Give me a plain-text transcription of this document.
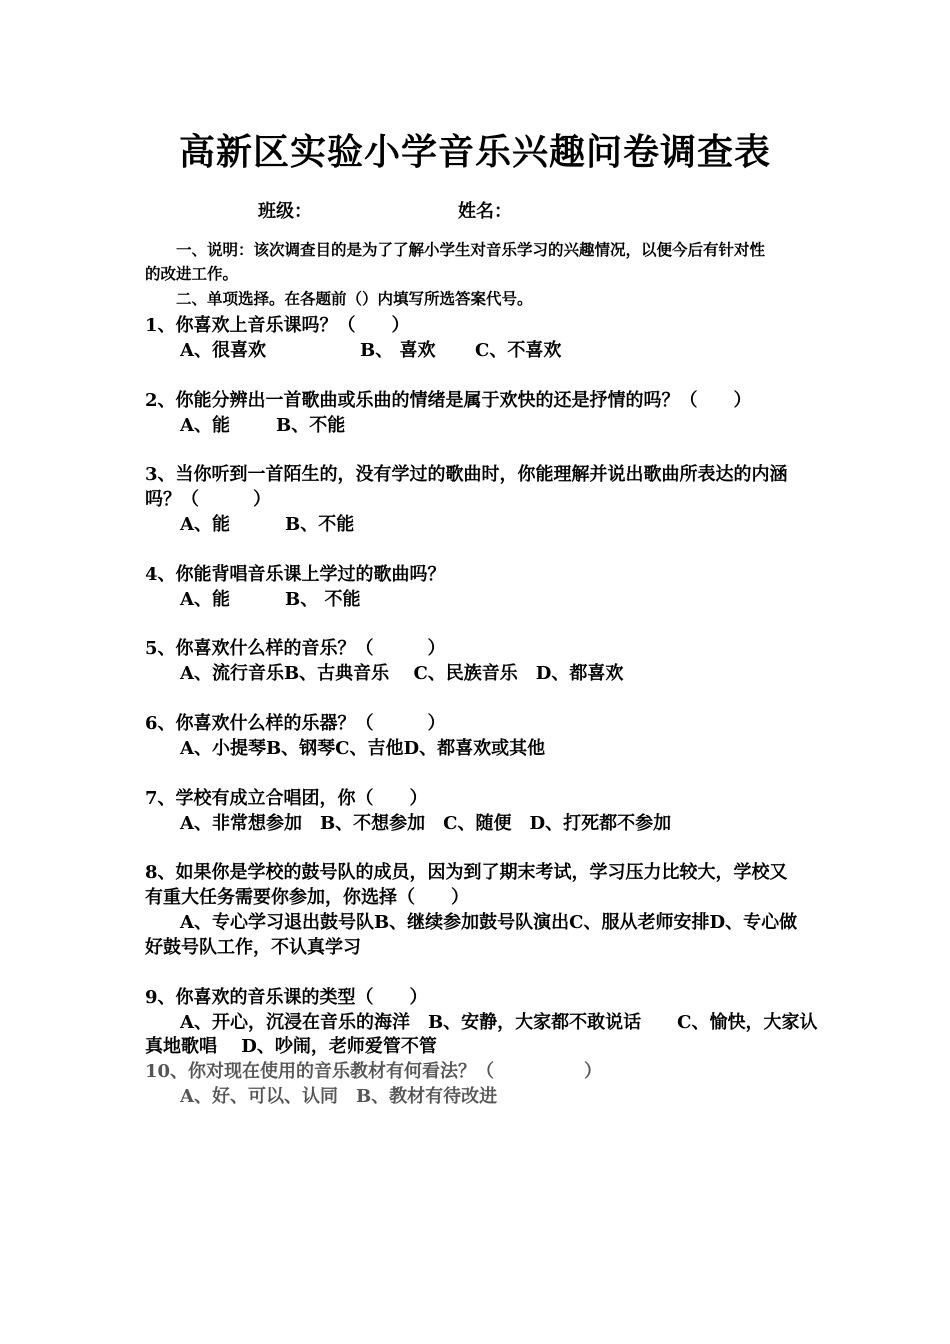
高新区实验小学音乐兴趣问卷调查表
班级：	姓名：
一、说明：该次调查目的是为了了解小学生对音乐学习的兴趣情况，以便今后有针对性
的改进工作。
二、单项选择。在各题前（）内填写所选答案代号。
1、你喜欢上音乐课吗？（　　）
A、很喜欢	B、 喜欢 C、不喜欢
2、你能分辨出一首歌曲或乐曲的情绪是属于欢快的还是抒情的吗？（　　）
A、能	B、不能
3、当你听到一首陌生的，没有学过的歌曲时，你能理解并说出歌曲所表达的内涵
吗？（　　　）
A、能	B、不能
4、你能背唱音乐课上学过的歌曲吗？
A、能	B、 不能
5、你喜欢什么样的音乐？（　　　）
A、流行音乐B、古典音乐　 C、民族音乐　D、都喜欢
6、你喜欢什么样的乐器？（　　　）
A、小提琴B、钢琴C、吉他D、都喜欢或其他
7、学校有成立合唱团，你（　　）
A、非常想参加　B、不想参加　C、随便　D、打死都不参加
8、如果你是学校的鼓号队的成员，因为到了期末考试，学习压力比较大，学校又
有重大任务需要你参加，你选择（　　）
A、专心学习退出鼓号队B、继续参加鼓号队演出C、服从老师安排D、专心做
好鼓号队工作，不认真学习
9、你喜欢的音乐课的类型（　　）
A、开心，沉浸在音乐的海洋　B、安静，大家都不敢说话　　C、愉快，大家认
真地歌唱　 D、吵闹，老师爱管不管
10、你对现在使用的音乐教材有何看法？（　　　　　）
A、好、可以、认同　B、教材有待改进
